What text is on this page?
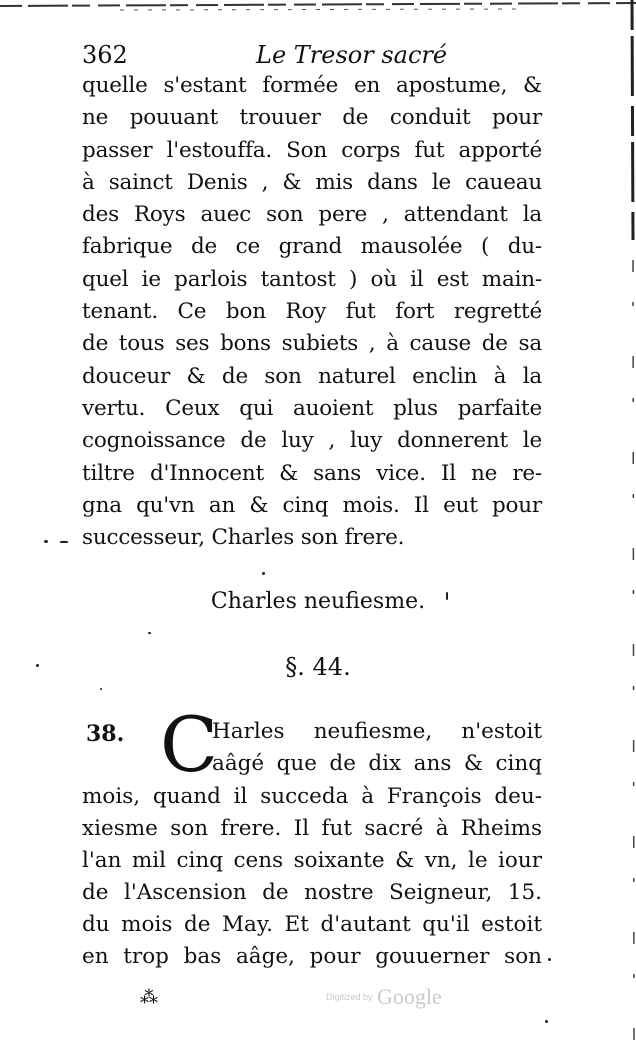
362	Le Tresor sacré
quelle s'estant formée en apostume, &
ne pouuant trouuer de conduit pour
passer l'estouffa. Son corps fut apporté
à sainct Denis , & mis dans le caueau
des Roys auec son pere , attendant la
fabrique de ce grand mausolée ( du-
quel ie parlois tantost ) où il est main-
tenant. Ce bon Roy fut fort regretté
de tous ses bons subiets , à cause de sa
douceur & de son naturel enclin à la
vertu. Ceux qui auoient plus parfaite
cognoissance de luy , luy donnerent le
tiltre d'Innocent & sans vice. Il ne re-
gna qu'vn an & cinq mois. Il eut pour
successeur, Charles son frere.
Charles neufiesme.
§. 44.
38. C
Harles neufiesme, n'estoit
aâgé que de dix ans & cinq
mois, quand il succeda à François deu-
xiesme son frere. Il fut sacré à Rheims
l'an mil cinq cens soixante & vn, le iour
de l'Ascension de nostre Seigneur, 15.
du mois de May. Et d'autant qu'il estoit
en trop bas aâge, pour gouuerner son
⁂	Digitized by Google
